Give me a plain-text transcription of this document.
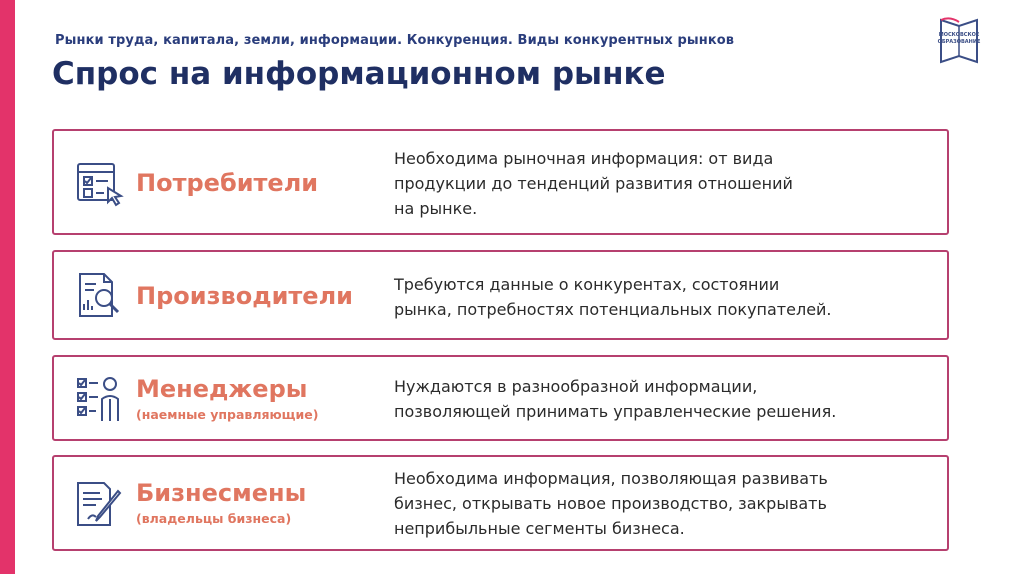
Рынки труда, капитала, земли, информации. Конкуренция. Виды конкурентных рынков
Спрос на информационном рынке
МОСКОВСКОЕ
ОБРАЗОВАНИЕ
Потребители
Необходима рыночная информация: от вида
продукции до тенденций развития отношений
на рынке.
Производители	Требуются данные о конкурентах, состоянии
рынка, потребностях потенциальных покупателей.
Менеджеры
(наемные управляющие)
Нуждаются в разнообразной информации,
позволяющей принимать управленческие решения.
Бизнесмены
(владельцы бизнеса)
Необходима информация, позволяющая развивать
бизнес, открывать новое производство, закрывать
неприбыльные сегменты бизнеса.
